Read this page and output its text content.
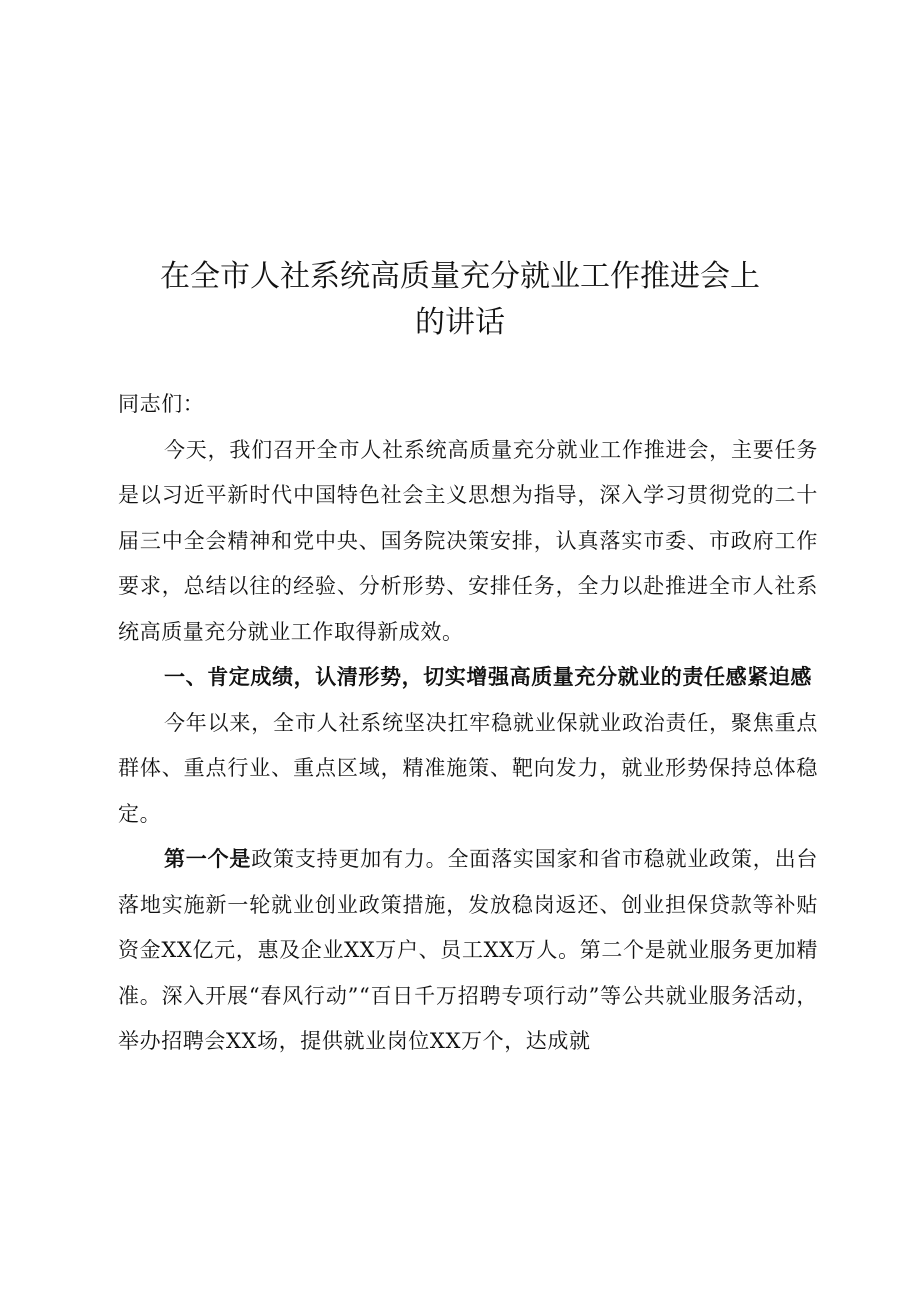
在全市人社系统高质量充分就业工作推进会上
的讲话

同志们：

今天，我们召开全市人社系统高质量充分就业工作推进会，主要任务是以习近平新时代中国特色社会主义思想为指导，深入学习贯彻党的二十届三中全会精神和党中央、国务院决策安排，认真落实市委、市政府工作要求，总结以往的经验、分析形势、安排任务，全力以赴推进全市人社系统高质量充分就业工作取得新成效。

一、肯定成绩，认清形势，切实增强高质量充分就业的责任感紧迫感

今年以来，全市人社系统坚决扛牢稳就业保就业政治责任，聚焦重点群体、重点行业、重点区域，精准施策、靶向发力，就业形势保持总体稳定。

第一个是政策支持更加有力。全面落实国家和省市稳就业政策，出台落地实施新一轮就业创业政策措施，发放稳岗返还、创业担保贷款等补贴资金XX亿元，惠及企业XX万户、员工XX万人。第二个是就业服务更加精准。深入开展“春风行动”“百日千万招聘专项行动”等公共就业服务活动，举办招聘会XX场，提供就业岗位XX万个，达成就
